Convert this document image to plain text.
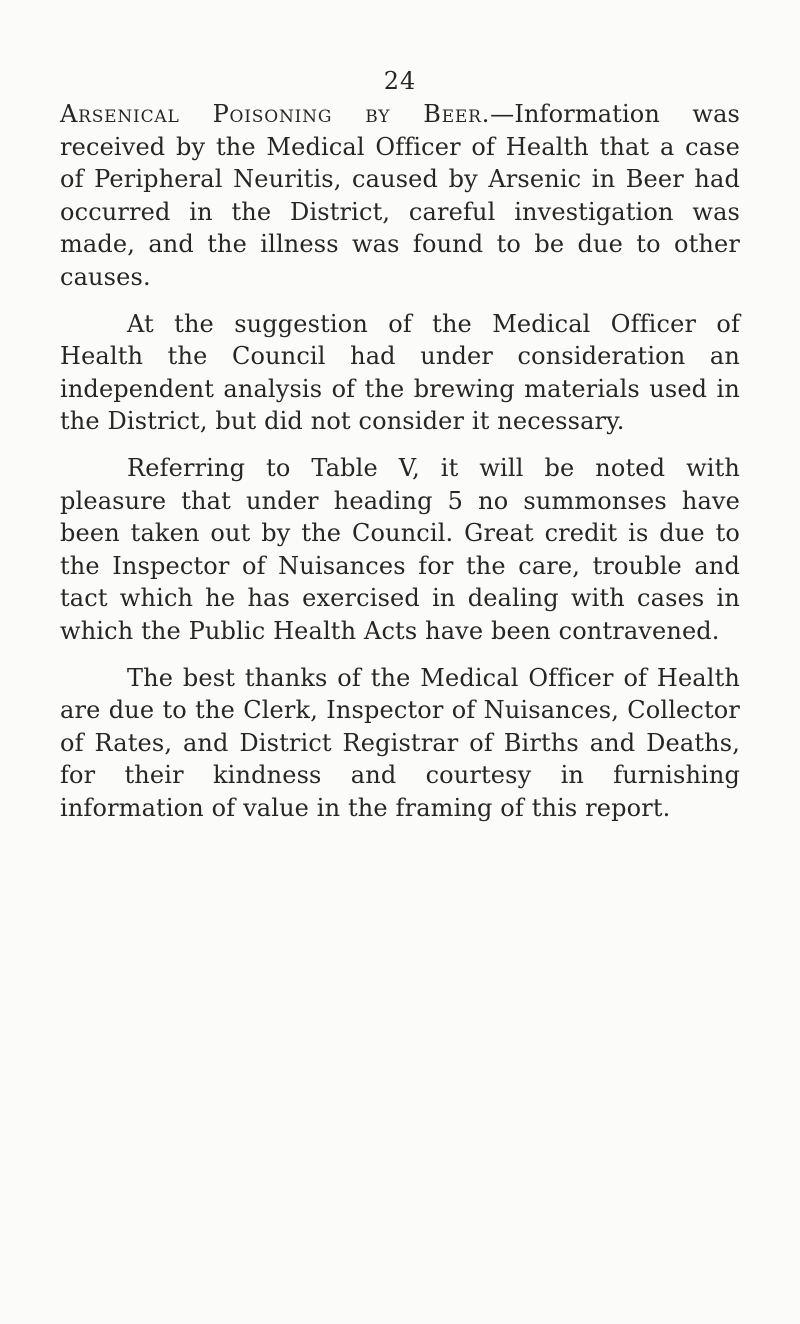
24

Arsenical Poisoning by Beer.—Information was received by the Medical Officer of Health that a case of Peripheral Neuritis, caused by Arsenic in Beer had occurred in the District, careful investigation was made, and the illness was found to be due to other causes.

At the suggestion of the Medical Officer of Health the Council had under consideration an independent analysis of the brewing materials used in the District, but did not consider it necessary.

Referring to Table V, it will be noted with pleasure that under heading 5 no summonses have been taken out by the Council. Great credit is due to the Inspector of Nuisances for the care, trouble and tact which he has exercised in dealing with cases in which the Public Health Acts have been contravened.

The best thanks of the Medical Officer of Health are due to the Clerk, Inspector of Nuisances, Collector of Rates, and District Registrar of Births and Deaths, for their kindness and courtesy in furnishing information of value in the framing of this report.
